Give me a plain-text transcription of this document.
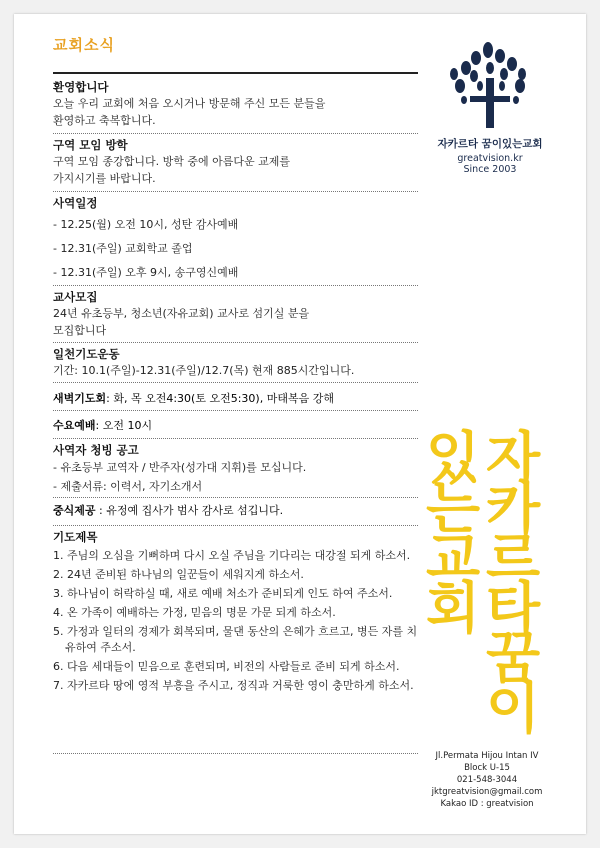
교회소식
환영합니다
오늘 우리 교회에 처음 오시거나 방문해 주신 모든 분들을
환영하고 축복합니다.
구역 모임 방학
구역 모임 종강합니다. 방학 중에 아름다운 교제를
가지시기를 바랍니다.
사역일정
- 12.25(월) 오전 10시, 성탄 감사예배
- 12.31(주일) 교회학교 졸업
- 12.31(주일) 오후 9시, 송구영신예배
교사모집
24년 유초등부, 청소년(자유교회) 교사로 섬기실 분을
모집합니다
일천기도운동
기간: 10.1(주일)-12.31(주일)/12.7(목) 현재 885시간입니다.
새벽기도회: 화, 목 오전4:30(토 오전5:30), 마태복음 강해
수요예배: 오전 10시
사역자 청빙 공고
- 유초등부 교역자 / 반주자(성가대 지휘)를 모십니다.
- 제출서류: 이력서, 자기소개서
중식제공 : 유정예 집사가 범사 감사로 섬깁니다.
기도제목
1. 주님의 오심을 기뻐하며 다시 오실 주님을 기다리는 대강절 되게 하소서.
2. 24년 준비된 하나님의 일꾼들이 세워지게 하소서.
3. 하나님이 허락하실 때, 새로 예배 처소가 준비되게 인도 하여 주소서.
4. 온 가족이 예배하는 가정, 믿음의 명문 가문 되게 하소서.
5. 가정과 일터의 경제가 회복되며, 물댄 동산의 은혜가 흐르고, 병든 자를 치유하여 주소서.
6. 다음 세대들이 믿음으로 훈련되며, 비전의 사람들로 준비 되게 하소서.
7. 자카르타 땅에 영적 부흥을 주시고, 정직과 거룩한 영이 충만하게 하소서.
자카르타 꿈이있는교회
greatvision.kr
Since 2003
자카르타꿈이있는교회
Jl.Permata Hijou Intan IV
Block U-15
021-548-3044
jktgreatvision@gmail.com
Kakao ID : greatvision
